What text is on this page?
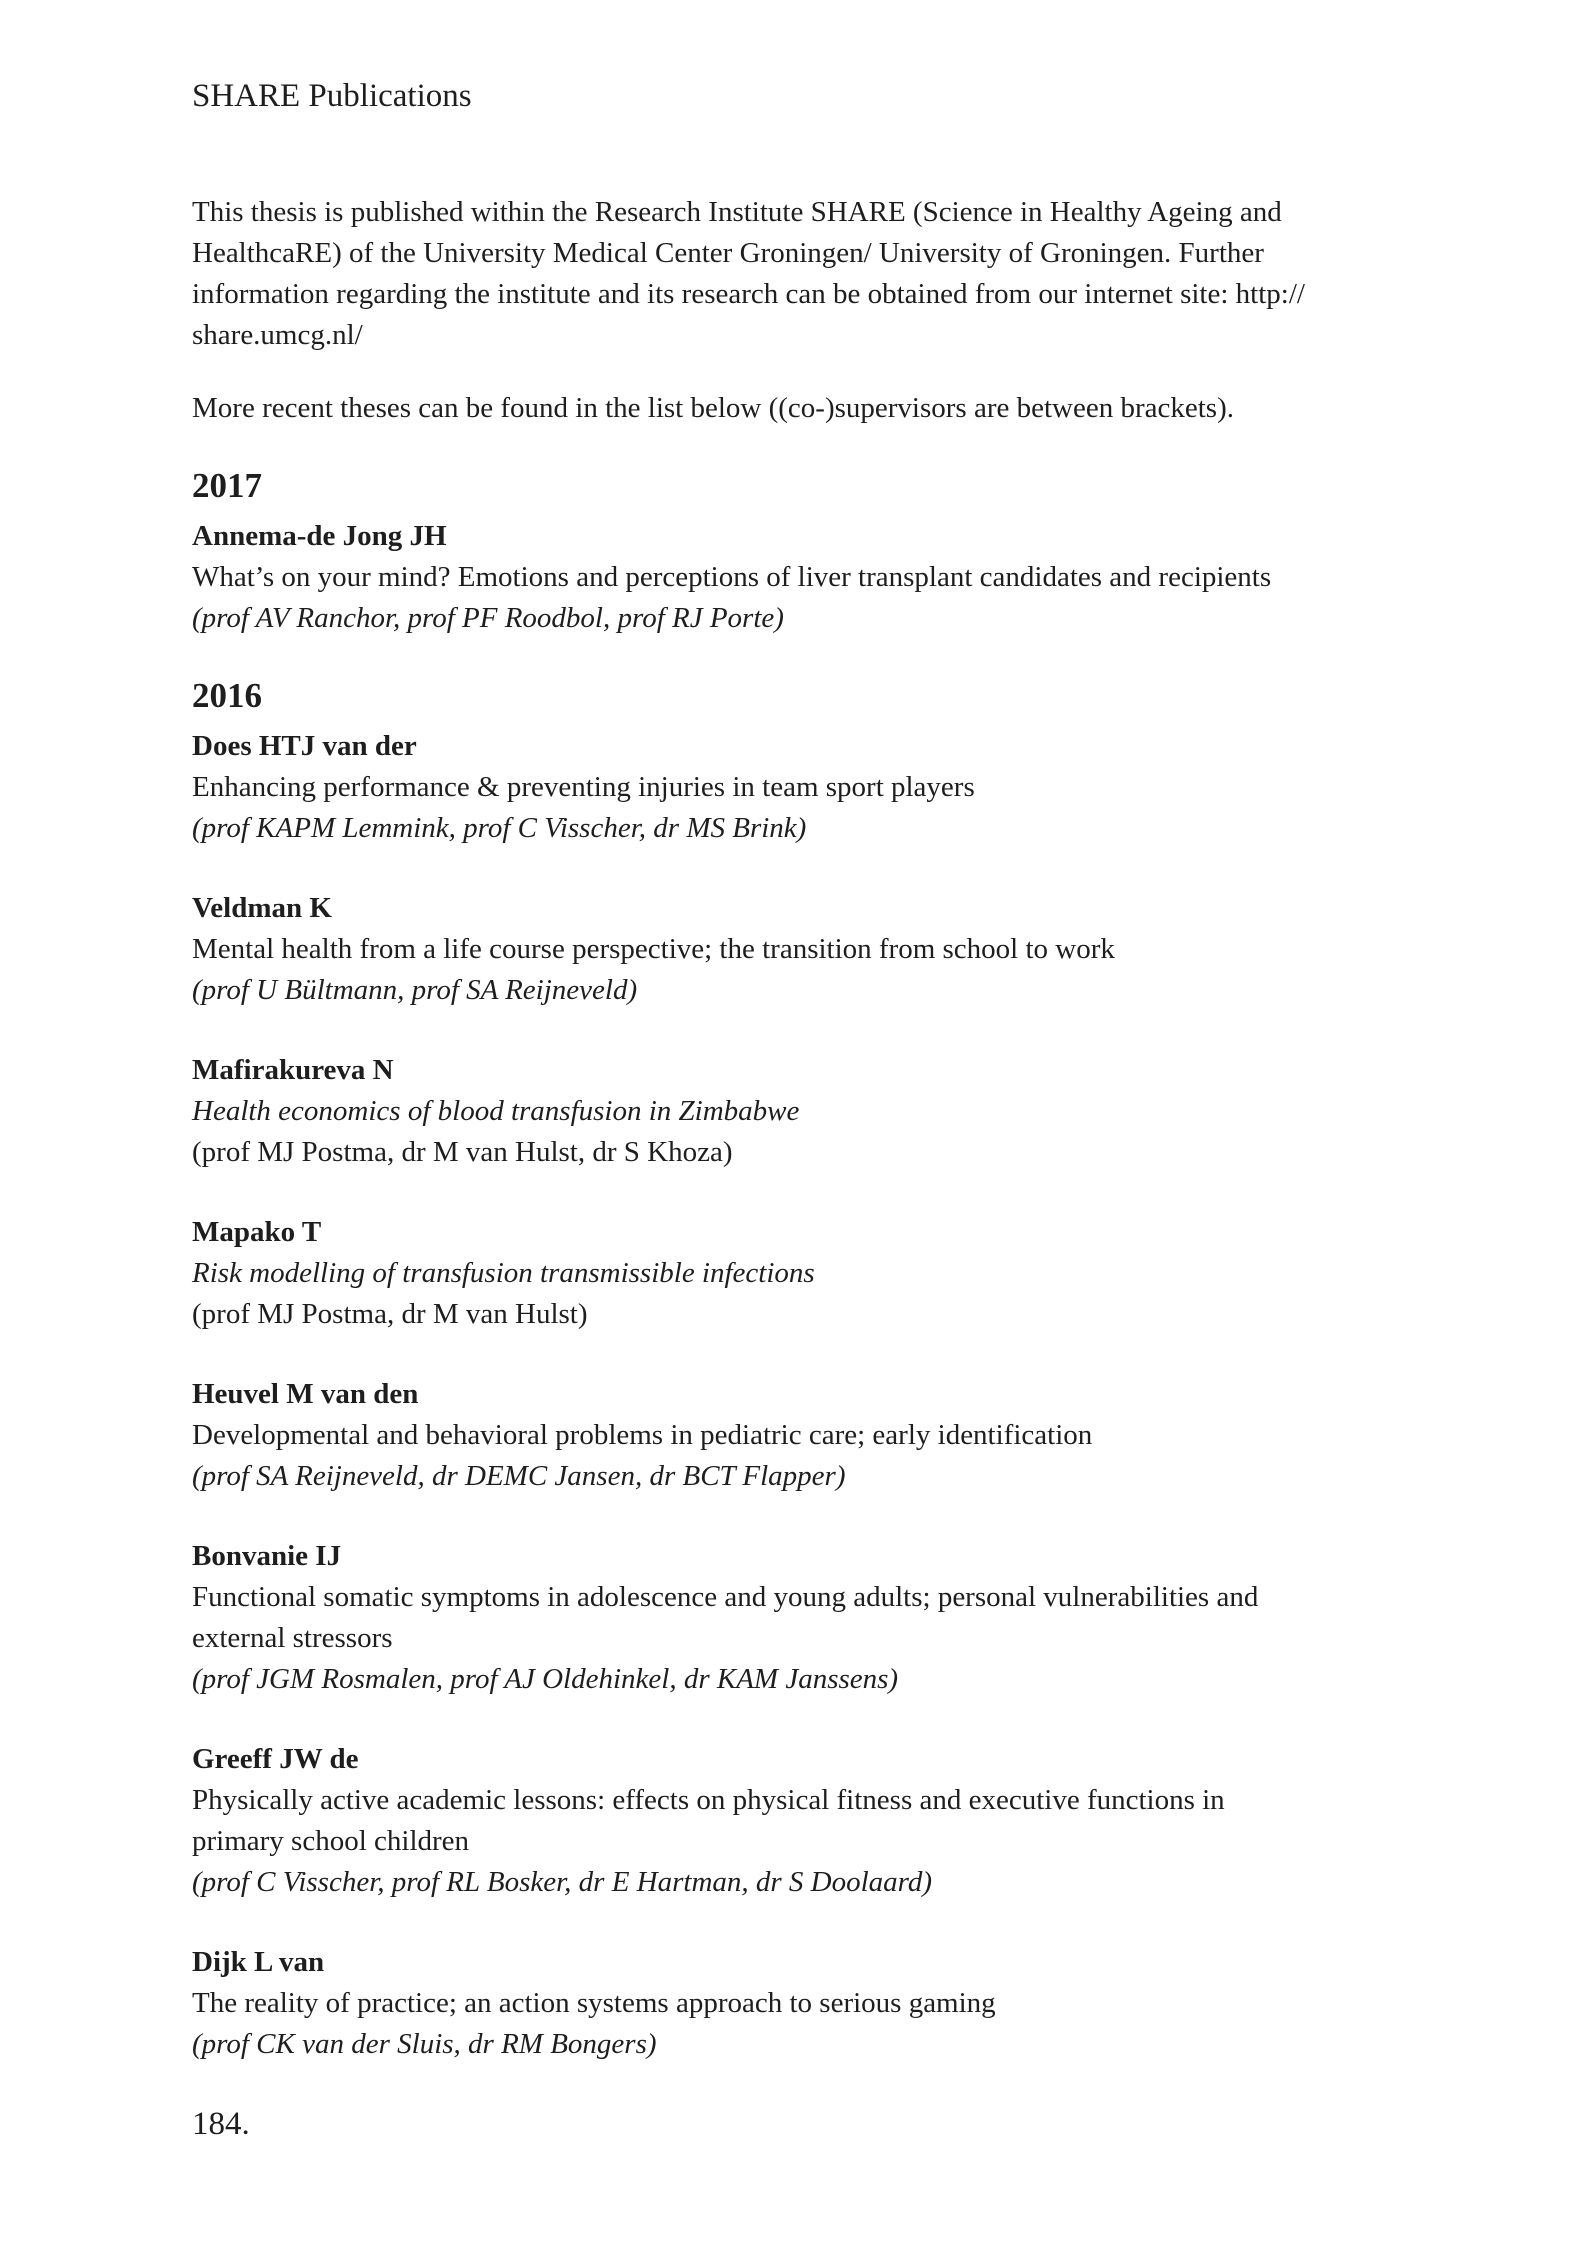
SHARE Publications

This thesis is published within the Research Institute SHARE (Science in Healthy Ageing and HealthcaRE) of the University Medical Center Groningen/ University of Groningen. Further information regarding the institute and its research can be obtained from our internet site: http:// share.umcg.nl/

More recent theses can be found in the list below ((co-)supervisors are between brackets).

2017
Annema-de Jong JH
What’s on your mind? Emotions and perceptions of liver transplant candidates and recipients
(prof AV Ranchor, prof PF Roodbol, prof RJ Porte)
2016
Does HTJ van der
Enhancing performance & preventing injuries in team sport players
(prof KAPM Lemmink, prof C Visscher, dr MS Brink)
Veldman K
Mental health from a life course perspective; the transition from school to work
(prof U Bültmann, prof SA Reijneveld)
Mafirakureva N
Health economics of blood transfusion in Zimbabwe
(prof MJ Postma, dr M van Hulst, dr S Khoza)
Mapako T
Risk modelling of transfusion transmissible infections
(prof MJ Postma, dr M van Hulst)
Heuvel M van den
Developmental and behavioral problems in pediatric care; early identification
(prof SA Reijneveld, dr DEMC Jansen, dr BCT Flapper)
Bonvanie IJ
Functional somatic symptoms in adolescence and young adults; personal vulnerabilities and external stressors
(prof JGM Rosmalen, prof AJ Oldehinkel, dr KAM Janssens)
Greeff JW de
Physically active academic lessons: effects on physical fitness and executive functions in primary school children
(prof C Visscher, prof RL Bosker, dr E Hartman, dr S Doolaard)
Dijk L van
The reality of practice; an action systems approach to serious gaming
(prof CK van der Sluis, dr RM Bongers)
184.
